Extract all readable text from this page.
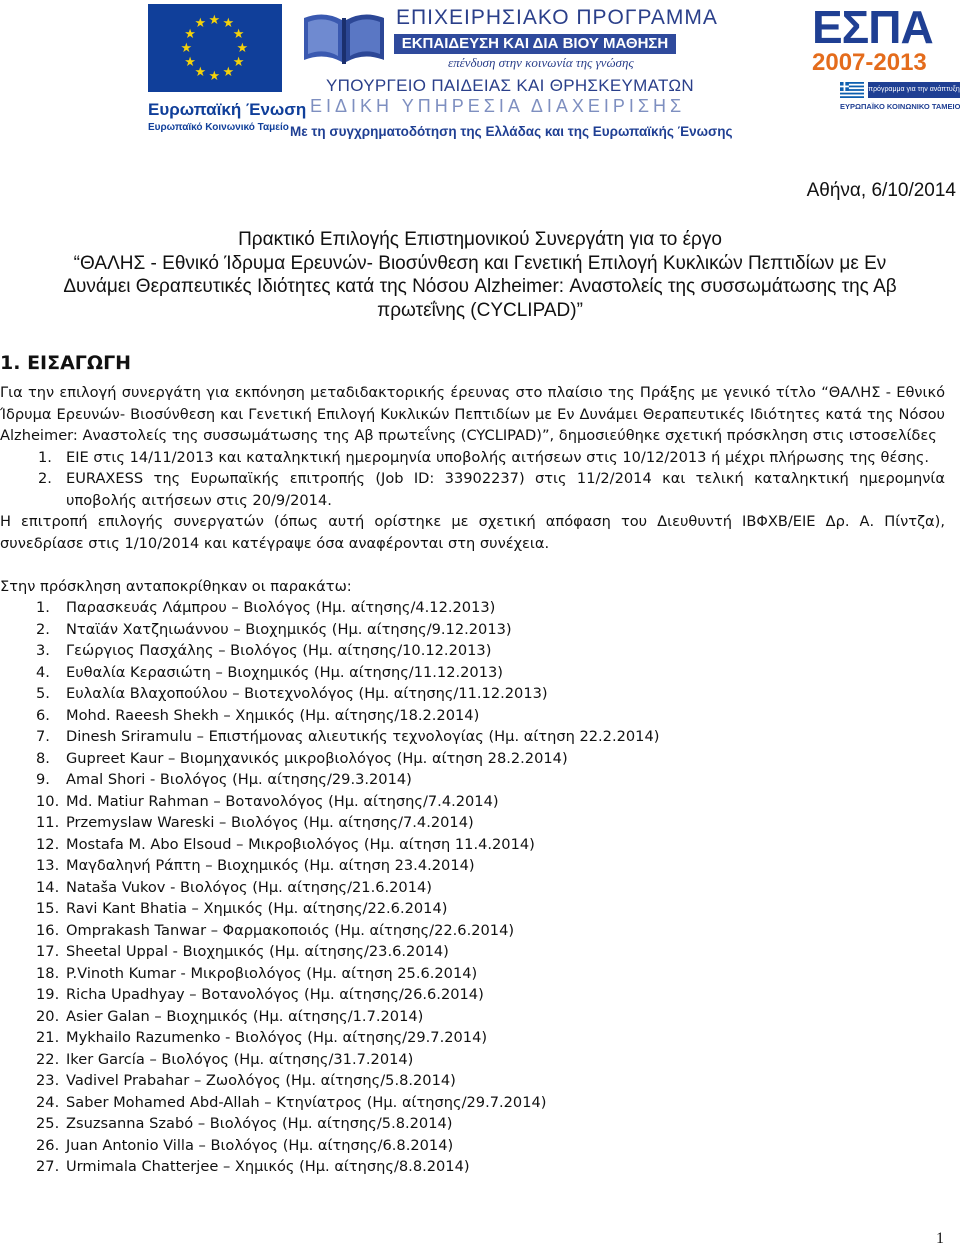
★ ★
★
★
★
★
★
★
★
★
★
★
Ευρωπαϊκή Ένωση
Ευρωπαϊκό Κοινωνικό Ταμείο
ΕΠΙΧΕΙΡΗΣΙΑΚΟ ΠΡΟΓΡΑΜΜΑ
ΕΚΠΑΙΔΕΥΣΗ ΚΑΙ ΔΙΑ ΒΙΟΥ ΜΑΘΗΣΗ
επένδυση στην κοινωνία της γνώσης
ΥΠΟΥΡΓΕΙΟ ΠΑΙΔΕΙΑΣ ΚΑΙ ΘΡΗΣΚΕΥΜΑΤΩΝ
ΕΙΔΙΚΗ ΥΠΗΡΕΣΙΑ ΔΙΑΧΕΙΡΙΣΗΣ
ΕΣΠΑ
2007-2013
πρόγραμμα για την ανάπτυξη
ΕΥΡΩΠΑΪΚΟ ΚΟΙΝΩΝΙΚΟ ΤΑΜΕΙΟ
Με τη συγχρηματοδότηση της Ελλάδας και της Ευρωπαϊκής Ένωσης
Αθήνα, 6/10/2014
Πρακτικό Επιλογής Επιστημονικού Συνεργάτη για το έργο
“ΘΑΛΗΣ - Εθνικό Ίδρυμα Ερευνών- Βιοσύνθεση και Γενετική Επιλογή Κυκλικών Πεπτιδίων με Εν
Δυνάμει Θεραπευτικές Ιδιότητες κατά της Νόσου Alzheimer: Αναστολείς της συσσωμάτωσης της Αβ
πρωτεΐνης (CYCLIPAD)”
1. ΕΙΣΑΓΩΓΗ

Για την επιλογή συνεργάτη για εκπόνηση μεταδιδακτορικής έρευνας στο πλαίσιο της Πράξης με γενικό τίτλο “ΘΑΛΗΣ - Εθνικό Ίδρυμα Ερευνών- Βιοσύνθεση και Γενετική Επιλογή Κυκλικών Πεπτιδίων με Εν Δυνάμει Θεραπευτικές Ιδιότητες κατά της Νόσου Alzheimer: Αναστολείς της συσσωμάτωσης της Αβ πρωτεΐνης (CYCLIPAD)”, δημοσιεύθηκε σχετική πρόσκληση στις ιστοσελίδες

1. ΕΙΕ στις 14/11/2013 και καταληκτική ημερομηνία υποβολής αιτήσεων στις 10/12/2013 ή μέχρι πλήρωσης της θέσης.
2. EURAXESS της Ευρωπαϊκής επιτροπής (Job ID: 33902237) στις 11/2/2014 και τελική καταληκτική ημερομηνία υποβολής αιτήσεων στις 20/9/2014.

Η επιτροπή επιλογής συνεργατών (όπως αυτή ορίστηκε με σχετική απόφαση του Διευθυντή ΙΒΦΧΒ/ΕΙΕ Δρ. Α. Πίντζα), συνεδρίασε στις 1/10/2014 και κατέγραψε όσα αναφέρονται στη συνέχεια.

Στην πρόσκληση ανταποκρίθηκαν οι παρακάτω:

1.	Παρασκευάς Λάμπρου – Βιολόγος (Ημ. αίτησης/4.12.2013)
2.	Νταϊάν Χατζηιωάννου – Βιοχημικός (Ημ. αίτησης/9.12.2013)
3.	Γεώργιος Πασχάλης – Βιολόγος (Ημ. αίτησης/10.12.2013)
4.	Ευθαλία Κερασιώτη – Βιοχημικός (Ημ. αίτησης/11.12.2013)
5.	Ευλαλία Βλαχοπούλου – Βιοτεχνολόγος (Ημ. αίτησης/11.12.2013)
6.	Mohd. Raeesh Shekh – Χημικός (Ημ. αίτησης/18.2.2014)
7.	Dinesh Sriramulu – Επιστήμονας αλιευτικής τεχνολογίας (Ημ. αίτηση 22.2.2014)
8.	Gupreet Kaur – Βιομηχανικός μικροβιολόγος (Ημ. αίτηση 28.2.2014)
9.	Amal Shori - Βιολόγος (Ημ. αίτησης/29.3.2014)
10. Md. Matiur Rahman – Βοτανολόγος (Ημ. αίτησης/7.4.2014)
11. Przemyslaw Wareski – Βιολόγος (Ημ. αίτησης/7.4.2014)
12. Mostafa M. Abo Elsoud – Μικροβιολόγος (Ημ. αίτηση 11.4.2014)
13. Μαγδαληνή Ράπτη – Βιοχημικός (Ημ. αίτηση 23.4.2014)
14. Nataša Vukov - Βιολόγος (Ημ. αίτησης/21.6.2014)
15. Ravi Kant Bhatia – Χημικός (Ημ. αίτησης/22.6.2014)
16. Omprakash Tanwar – Φαρμακοποιός (Ημ. αίτησης/22.6.2014)
17. Sheetal Uppal - Βιοχημικός (Ημ. αίτησης/23.6.2014)
18. P.Vinoth Kumar - Μικροβιολόγος (Ημ. αίτηση 25.6.2014)
19. Richa Upadhyay – Βοτανολόγος (Ημ. αίτησης/26.6.2014)
20. Asier Galan – Βιοχημικός (Ημ. αίτησης/1.7.2014)
21. Mykhailo Razumenko - Βιολόγος (Ημ. αίτησης/29.7.2014)
22. Iker García – Βιολόγος (Ημ. αίτησης/31.7.2014)
23. Vadivel Prabahar – Ζωολόγος (Ημ. αίτησης/5.8.2014)
24. Saber Mohamed Abd-Allah – Κτηνίατρος (Ημ. αίτησης/29.7.2014)
25. Zsuzsanna Szabó – Βιολόγος (Ημ. αίτησης/5.8.2014)
26. Juan Antonio Villa – Βιολόγος (Ημ. αίτησης/6.8.2014)
27. Urmimala Chatterjee – Χημικός (Ημ. αίτησης/8.8.2014)
1
